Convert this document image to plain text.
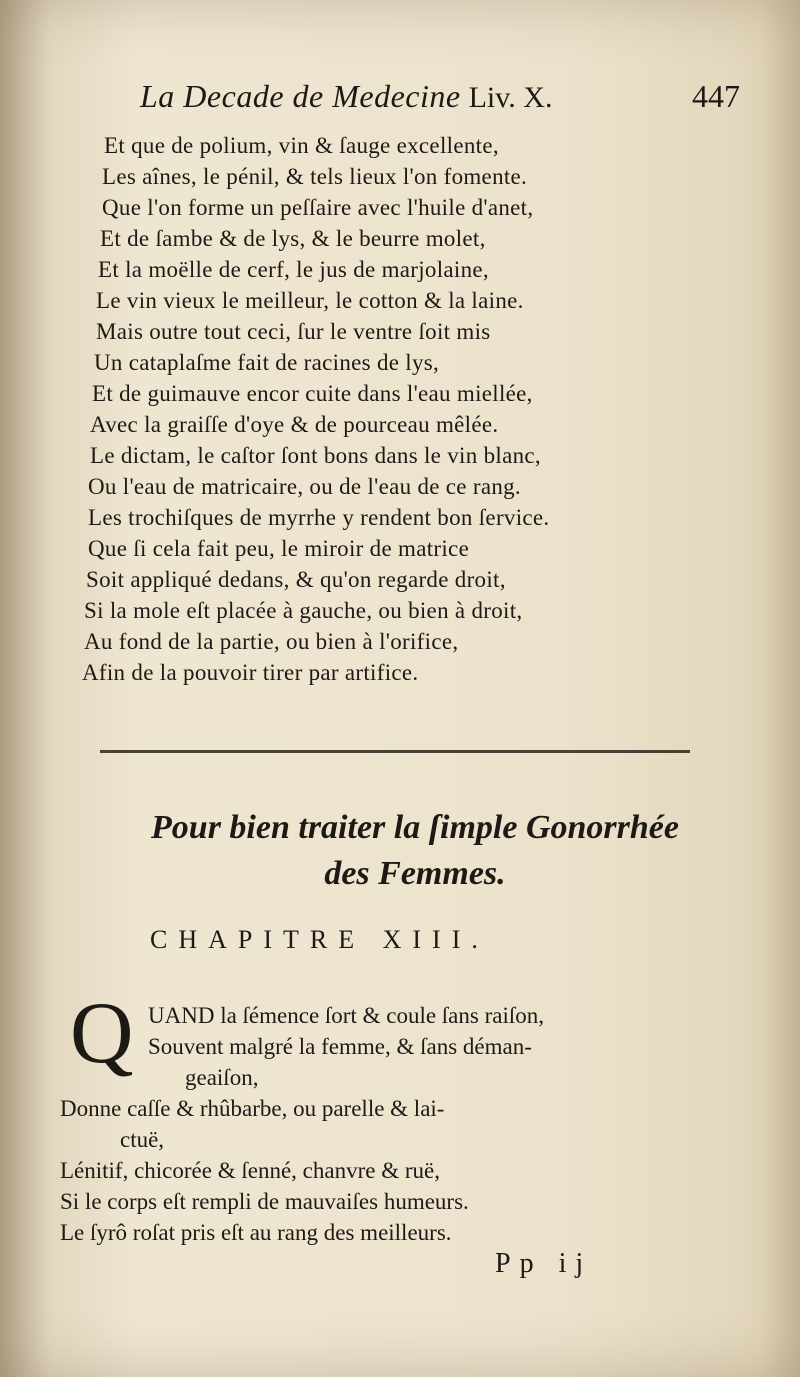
La Decade de Medecine Liv. X.	447
Et que de polium, vin & ſauge excellente,
Les aînes, le pénil, & tels lieux l'on fomente.
Que l'on forme un peſſaire avec l'huile d'anet,
Et de ſambe & de lys, & le beurre molet,
Et la moëlle de cerf, le jus de marjolaine,
Le vin vieux le meilleur, le cotton & la laine.
Mais outre tout ceci, ſur le ventre ſoit mis
Un cataplaſme fait de racines de lys,
Et de guimauve encor cuite dans l'eau miellée,
Avec la graiſſe d'oye & de pourceau mêlée.
Le dictam, le caſtor ſont bons dans le vin blanc,
Ou l'eau de matricaire, ou de l'eau de ce rang.
Les trochiſques de myrrhe y rendent bon ſervice.
Que ſi cela fait peu, le miroir de matrice
Soit appliqué dedans, & qu'on regarde droit,
Si la mole eſt placée à gauche, ou bien à droit,
Au fond de la partie, ou bien à l'orifice,
Afin de la pouvoir tirer par artifice.
Pour bien traiter la ſimple Gonorrhée
des Femmes.
CHAPITRE XIII.
Q UAND la ſémence ſort & coule ſans raiſon,
Souvent malgré la femme, & ſans déman-
geaiſon,
Donne caſſe & rhûbarbe, ou parelle & lai-
ctuë,
Lénitif, chicorée & ſenné, chanvre & ruë,
Si le corps eſt rempli de mauvaiſes humeurs.
Le ſyrô roſat pris eſt au rang des meilleurs.
Pp ij
